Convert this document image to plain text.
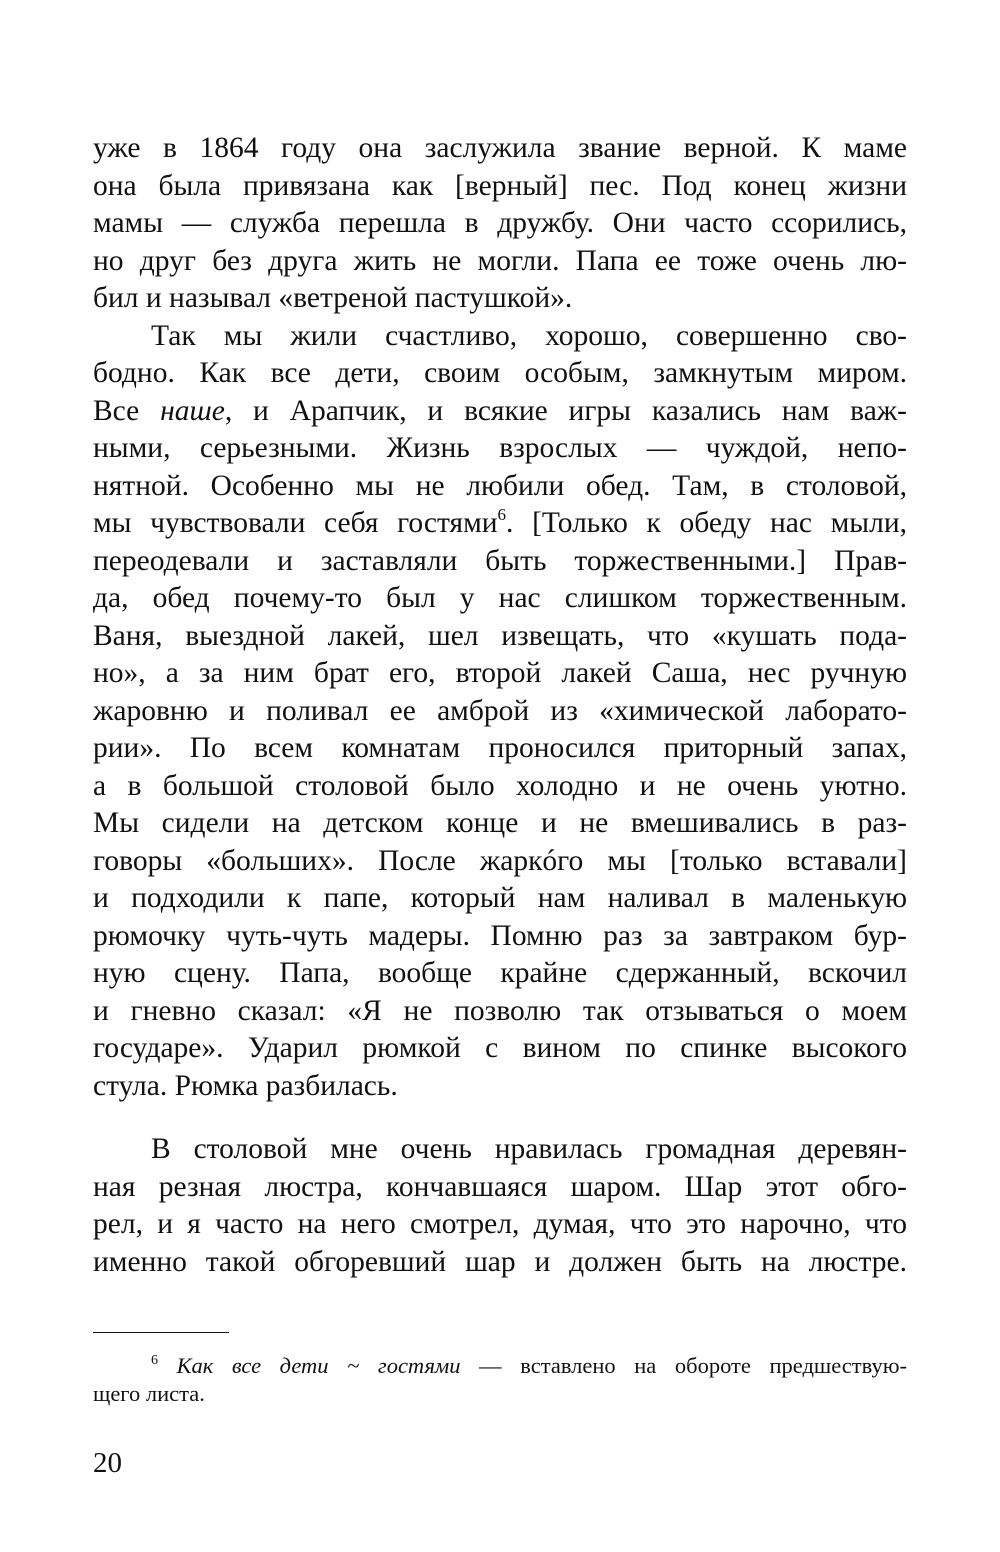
уже в 1864 году она заслужила звание верной. К маме
она была привязана как [верный] пес. Под конец жизни
мамы — служба перешла в дружбу. Они часто ссорились,
но друг без друга жить не могли. Папа ее тоже очень лю-
бил и называл «ветреной пастушкой».
Так мы жили счастливо, хорошо, совершенно сво-
бодно. Как все дети, своим особым, замкнутым миром.
Все наше, и Арапчик, и всякие игры казались нам важ-
ными, серьезными. Жизнь взрослых — чуждой, непо-
нятной. Особенно мы не любили обед. Там, в столовой,
мы чувствовали себя гостями$^6$. [Только к обеду нас мыли,
переодевали и заставляли быть торжественными.] Прав-
да, обед почему-то был у нас слишком торжественным.
Ваня, выездной лакей, шел извещать, что «кушать пода-
но», а за ним брат его, второй лакей Саша, нес ручную
жаровню и поливал ее амброй из «химической лаборато-
рии». По всем комнатам проносился приторный запах,
а в большой столовой было холодно и не очень уютно.
Мы сидели на детском конце и не вмешивались в раз-
говоры «больших». После жаркóго мы [только вставали]
и подходили к папе, который нам наливал в маленькую
рюмочку чуть-чуть мадеры. Помню раз за завтраком бур-
ную сцену. Папа, вообще крайне сдержанный, вскочил
и гневно сказал: «Я не позволю так отзываться о моем
государе». Ударил рюмкой с вином по спинке высокого
стула. Рюмка разбилась.
В столовой мне очень нравилась громадная деревян-
ная резная люстра, кончавшаяся шаром. Шар этот обго-
рел, и я часто на него смотрел, думая, что это нарочно, что
именно такой обгоревший шар и должен быть на люстре.
$^6$ Как все дети ~ гостями — вставлено на обороте предшествую-
щего листа.
20
